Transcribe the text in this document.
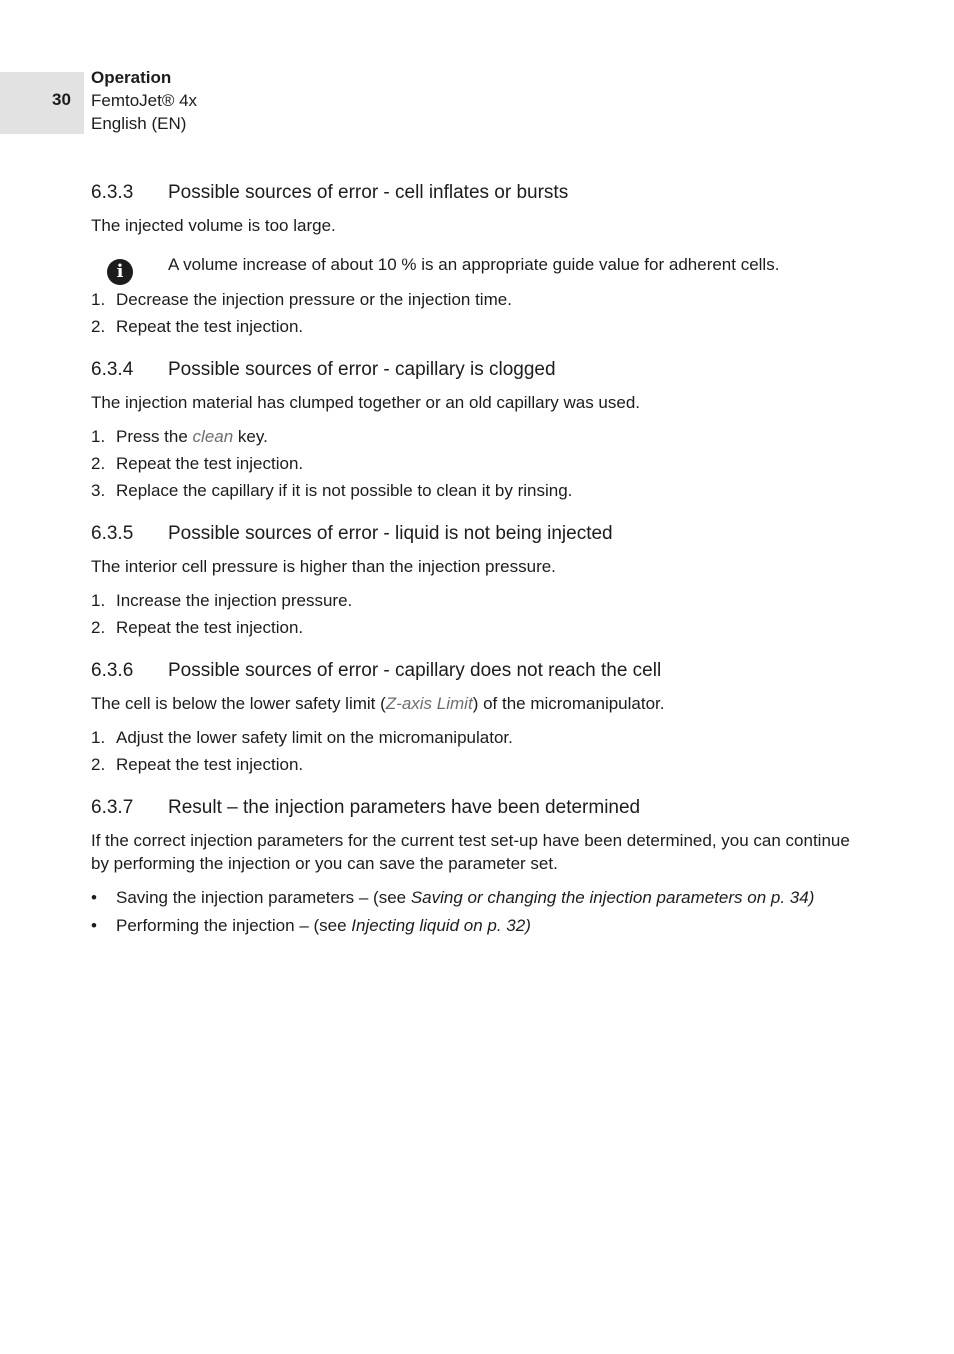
30
Operation
FemtoJet® 4x
English (EN)
6.3.3	Possible sources of error - cell inflates or bursts

The injected volume is too large.

i	A volume increase of about 10 % is an appropriate guide value for adherent cells.

1. Decrease the injection pressure or the injection time.
2. Repeat the test injection.
6.3.4	Possible sources of error - capillary is clogged

The injection material has clumped together or an old capillary was used.

1. Press the clean key.
2. Repeat the test injection.
3. Replace the capillary if it is not possible to clean it by rinsing.
6.3.5	Possible sources of error - liquid is not being injected

The interior cell pressure is higher than the injection pressure.

1. Increase the injection pressure.
2. Repeat the test injection.
6.3.6	Possible sources of error - capillary does not reach the cell

The cell is below the lower safety limit (Z-axis Limit) of the micromanipulator.

1. Adjust the lower safety limit on the micromanipulator.
2. Repeat the test injection.
6.3.7	Result – the injection parameters have been determined

If the correct injection parameters for the current test set-up have been determined, you can continue by performing the injection or you can save the parameter set.

•	Saving the injection parameters – (see Saving or changing the injection parameters on p. 34)
•	Performing the injection – (see Injecting liquid on p. 32)
